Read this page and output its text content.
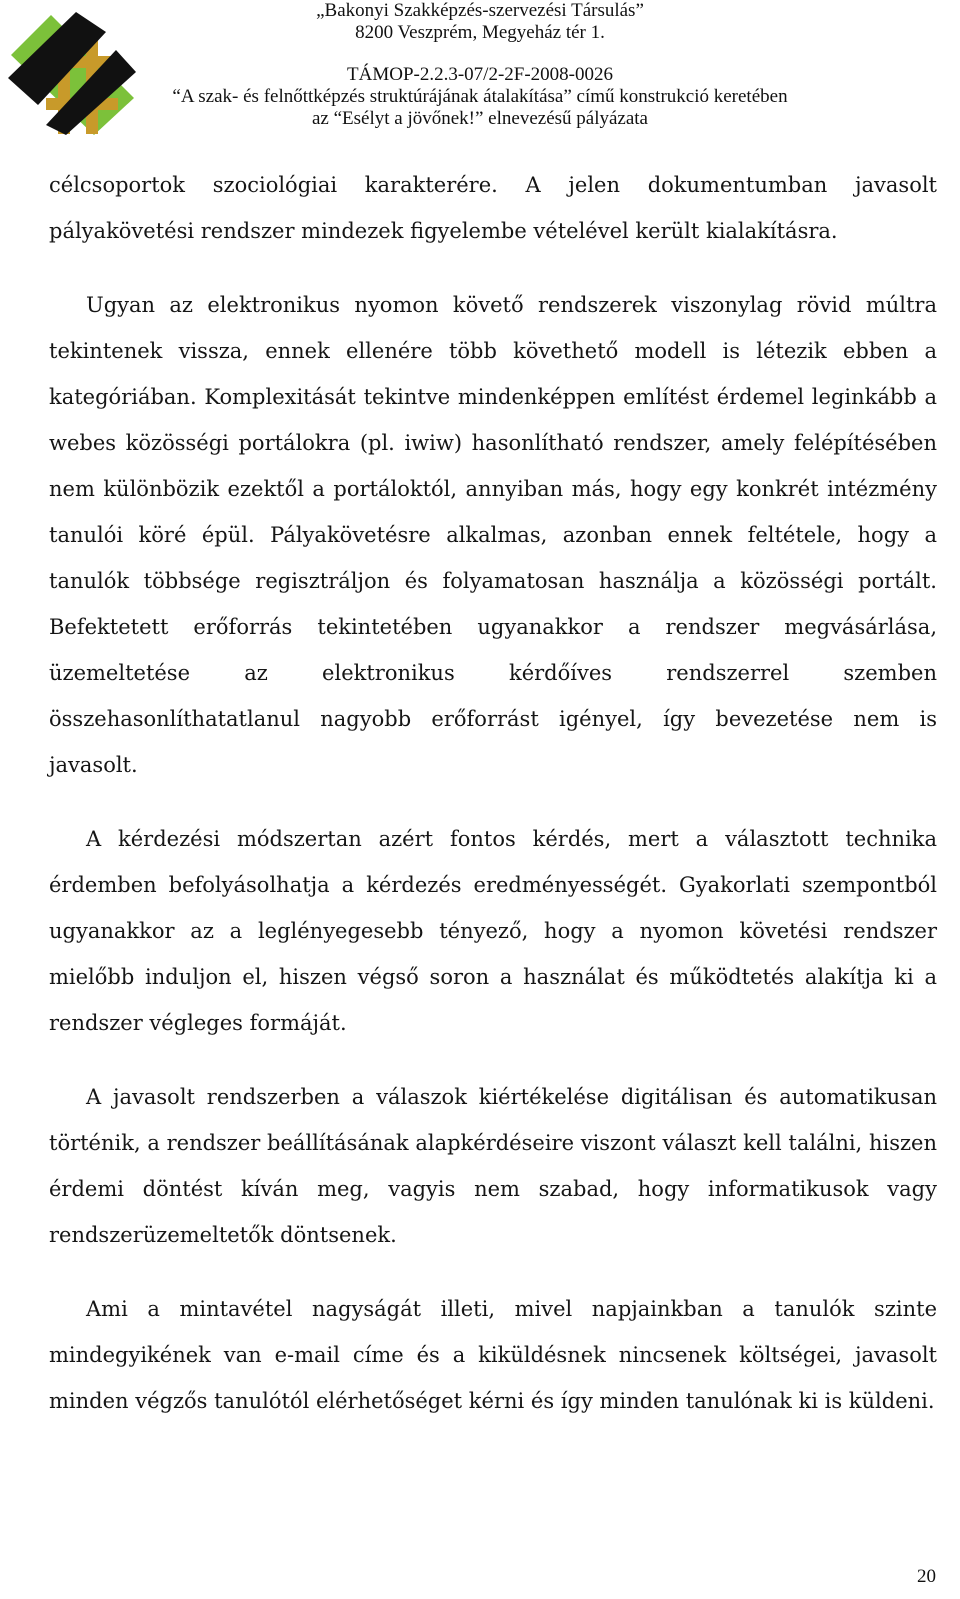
„Bakonyi Szakképzés-szervezési Társulás”
8200 Veszprém, Megyeház tér 1.
TÁMOP-2.2.3-07/2-2F-2008-0026
“A szak- és felnőttképzés struktúrájának átalakítása” című konstrukció keretében
az “Esélyt a jövőnek!” elnevezésű pályázata

célcsoportok szociológiai karakterére. A jelen dokumentumban javasolt pályakövetési rendszer mindezek figyelembe vételével került kialakításra.

Ugyan az elektronikus nyomon követő rendszerek viszonylag rövid múltra tekintenek vissza, ennek ellenére több követhető modell is létezik ebben a kategóriában. Komplexitását tekintve mindenképpen említést érdemel leginkább a webes közösségi portálokra (pl. iwiw) hasonlítható rendszer, amely felépítésében nem különbözik ezektől a portáloktól, annyiban más, hogy egy konkrét intézmény tanulói köré épül. Pályakövetésre alkalmas, azonban ennek feltétele, hogy a tanulók többsége regisztráljon és folyamatosan használja a közösségi portált. Befektetett erőforrás tekintetében ugyanakkor a rendszer megvásárlása, üzemeltetése az elektronikus kérdőíves rendszerrel szemben összehasonlíthatatlanul nagyobb erőforrást igényel, így bevezetése nem is javasolt.

A kérdezési módszertan azért fontos kérdés, mert a választott technika érdemben befolyásolhatja a kérdezés eredményességét. Gyakorlati szempontból ugyanakkor az a leglényegesebb tényező, hogy a nyomon követési rendszer mielőbb induljon el, hiszen végső soron a használat és működtetés alakítja ki a rendszer végleges formáját.

A javasolt rendszerben a válaszok kiértékelése digitálisan és automatikusan történik, a rendszer beállításának alapkérdéseire viszont választ kell találni, hiszen érdemi döntést kíván meg, vagyis nem szabad, hogy informatikusok vagy rendszerüzemeltetők döntsenek.

Ami a mintavétel nagyságát illeti, mivel napjainkban a tanulók szinte mindegyikének van e-mail címe és a kiküldésnek nincsenek költségei, javasolt minden végzős tanulótól elérhetőséget kérni és így minden tanulónak ki is küldeni.

20
